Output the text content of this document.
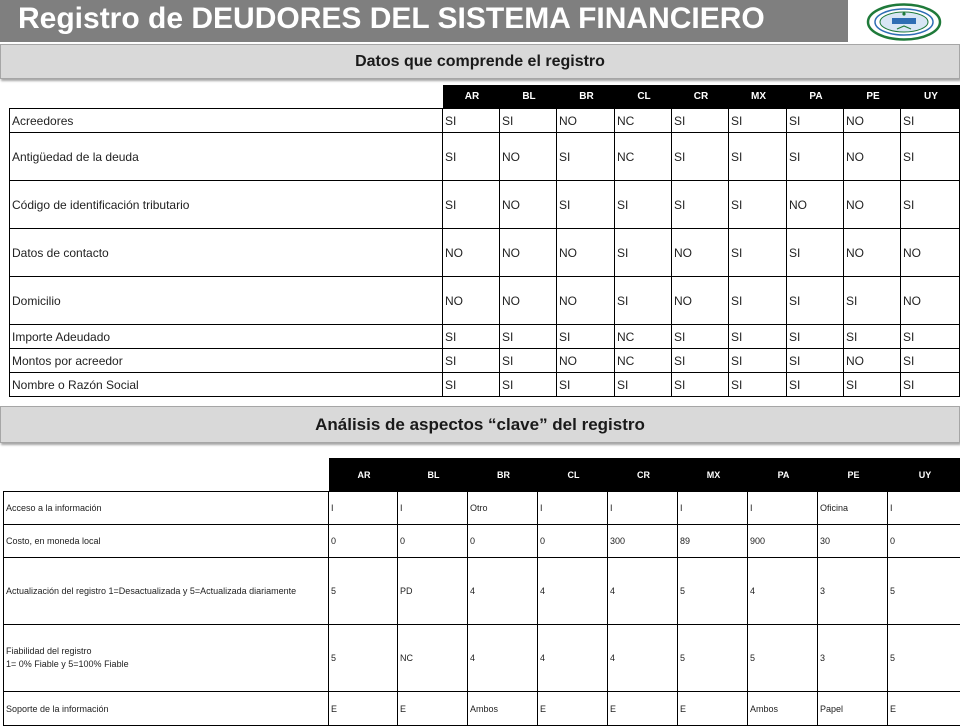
Registro de DEUDORES DEL SISTEMA FINANCIERO
Datos que comprende el registro
	AR	BL	BR	CL	CR	MX	PA	PE	UY
Acreedores	SI	SI	NO	NC	SI	SI	SI	NO	SI
Antigüedad de la deuda	SI	NO	SI	NC	SI	SI	SI	NO	SI
Código de identificación tributario	SI	NO	SI	SI	SI	SI	NO	NO	SI
Datos de contacto	NO	NO	NO	SI	NO	SI	SI	NO	NO
Domicilio	NO	NO	NO	SI	NO	SI	SI	SI	NO
Importe Adeudado	SI	SI	SI	NC	SI	SI	SI	SI	SI
Montos por acreedor	SI	SI	NO	NC	SI	SI	SI	NO	SI
Nombre o Razón Social	SI	SI	SI	SI	SI	SI	SI	SI	SI
Análisis de aspectos “clave” del registro
	AR	BL	BR	CL	CR	MX	PA	PE	UY
Acceso a la información	I	I	Otro	I	I	I	I	Oficina	I
Costo, en moneda local	0	0	0	0	300	89	900	30	0
Actualización del registro 1=Desactualizada y 5=Actualizada diariamente	5	PD	4	4	4	5	4	3	5
Fiabilidad del registro
1= 0% Fiable y 5=100% Fiable	5	NC	4	4	4	5	5	3	5
Soporte de la información	E	E	Ambos	E	E	E	Ambos	Papel	E
